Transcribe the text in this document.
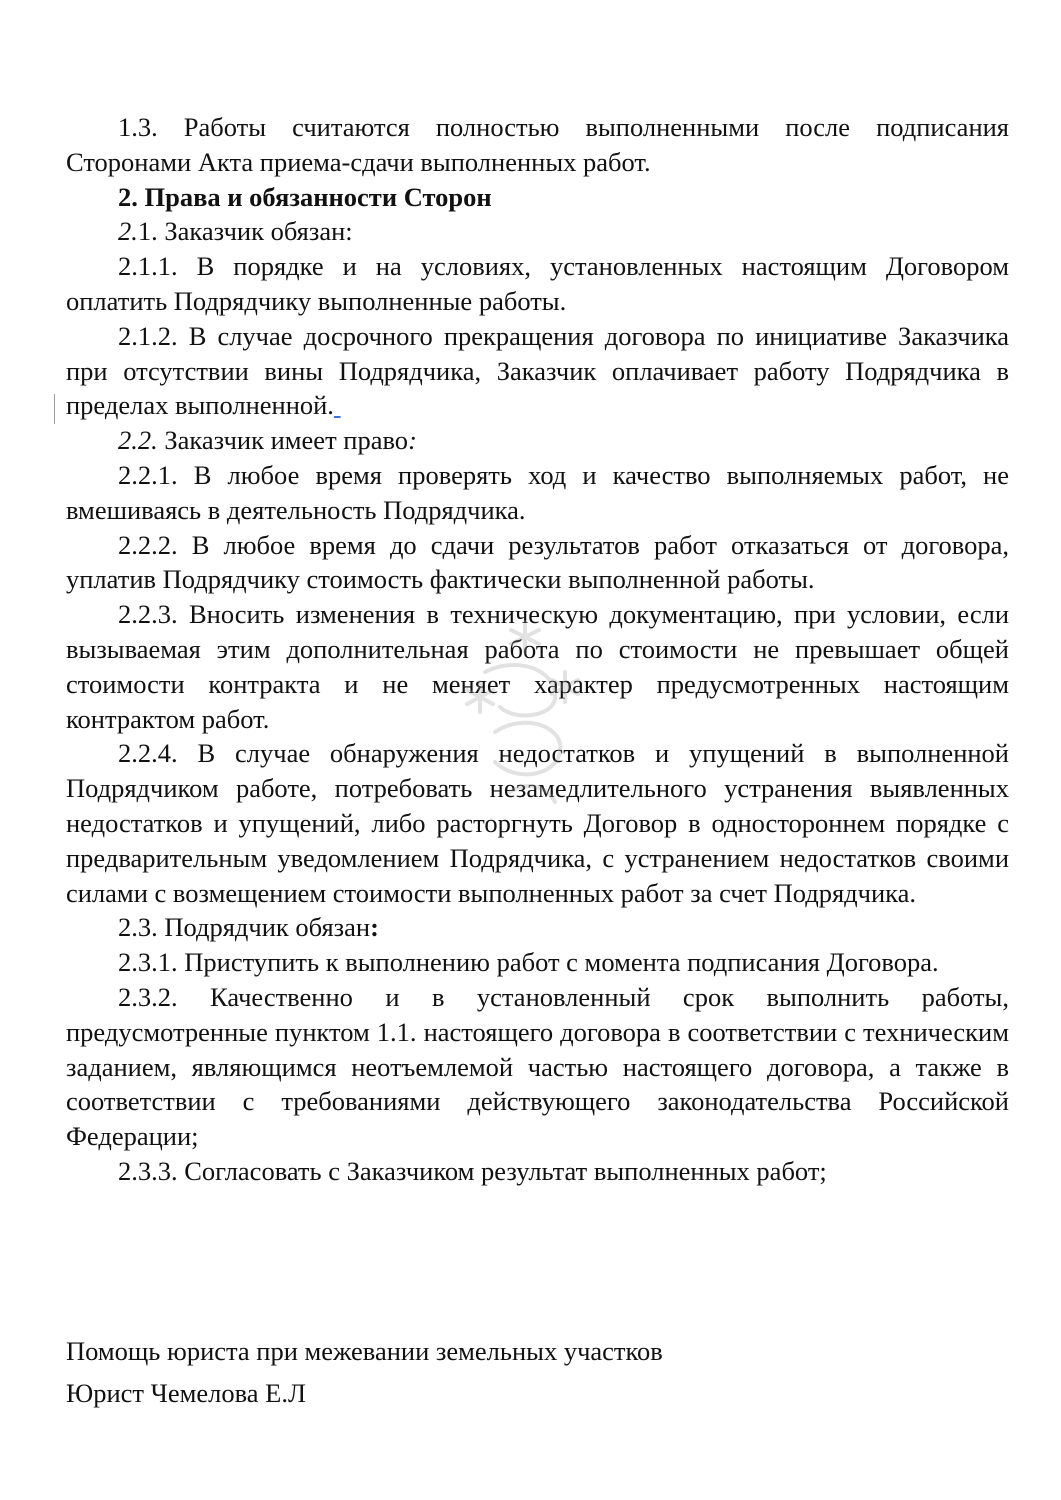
1.3. Работы считаются полностью выполненными после подписания Сторонами Акта приема-сдачи выполненных работ.

2. Права и обязанности Сторон

2.1. Заказчик обязан:

2.1.1. В порядке и на условиях, установленных настоящим Договором оплатить Подрядчику выполненные работы.

2.1.2. В случае досрочного прекращения договора по инициативе Заказчика при отсутствии вины Подрядчика, Заказчик оплачивает работу Подрядчика в пределах выполненной.

2.2. Заказчик имеет право:

2.2.1. В любое время проверять ход и качество выполняемых работ, не вмешиваясь в деятельность Подрядчика.

2.2.2. В любое время до сдачи результатов работ отказаться от договора, уплатив Подрядчику стоимость фактически выполненной работы.

2.2.3. Вносить изменения в техническую документацию, при условии, если вызываемая этим дополнительная работа по стоимости не превышает общей стоимости контракта и не меняет характер предусмотренных настоящим контрактом работ.

2.2.4. В случае обнаружения недостатков и упущений в выполненной Подрядчиком работе, потребовать незамедлительного устранения выявленных недостатков и упущений, либо расторгнуть Договор в одностороннем порядке с предварительным уведомлением Подрядчика, с устранением недостатков своими силами с возмещением стоимости выполненных работ за счет Подрядчика.

2.3. Подрядчик обязан:

2.3.1. Приступить к выполнению работ с момента подписания Договора.

2.3.2. Качественно и в установленный срок выполнить работы, предусмотренные пунктом 1.1. настоящего договора в соответствии с техническим заданием, являющимся неотъемлемой частью настоящего договора, а также в соответствии с требованиями действующего законодательства Российской Федерации;

2.3.3. Согласовать с Заказчиком результат выполненных работ;

Помощь юриста при межевании земельных участков
Юрист Чемелова Е.Л
